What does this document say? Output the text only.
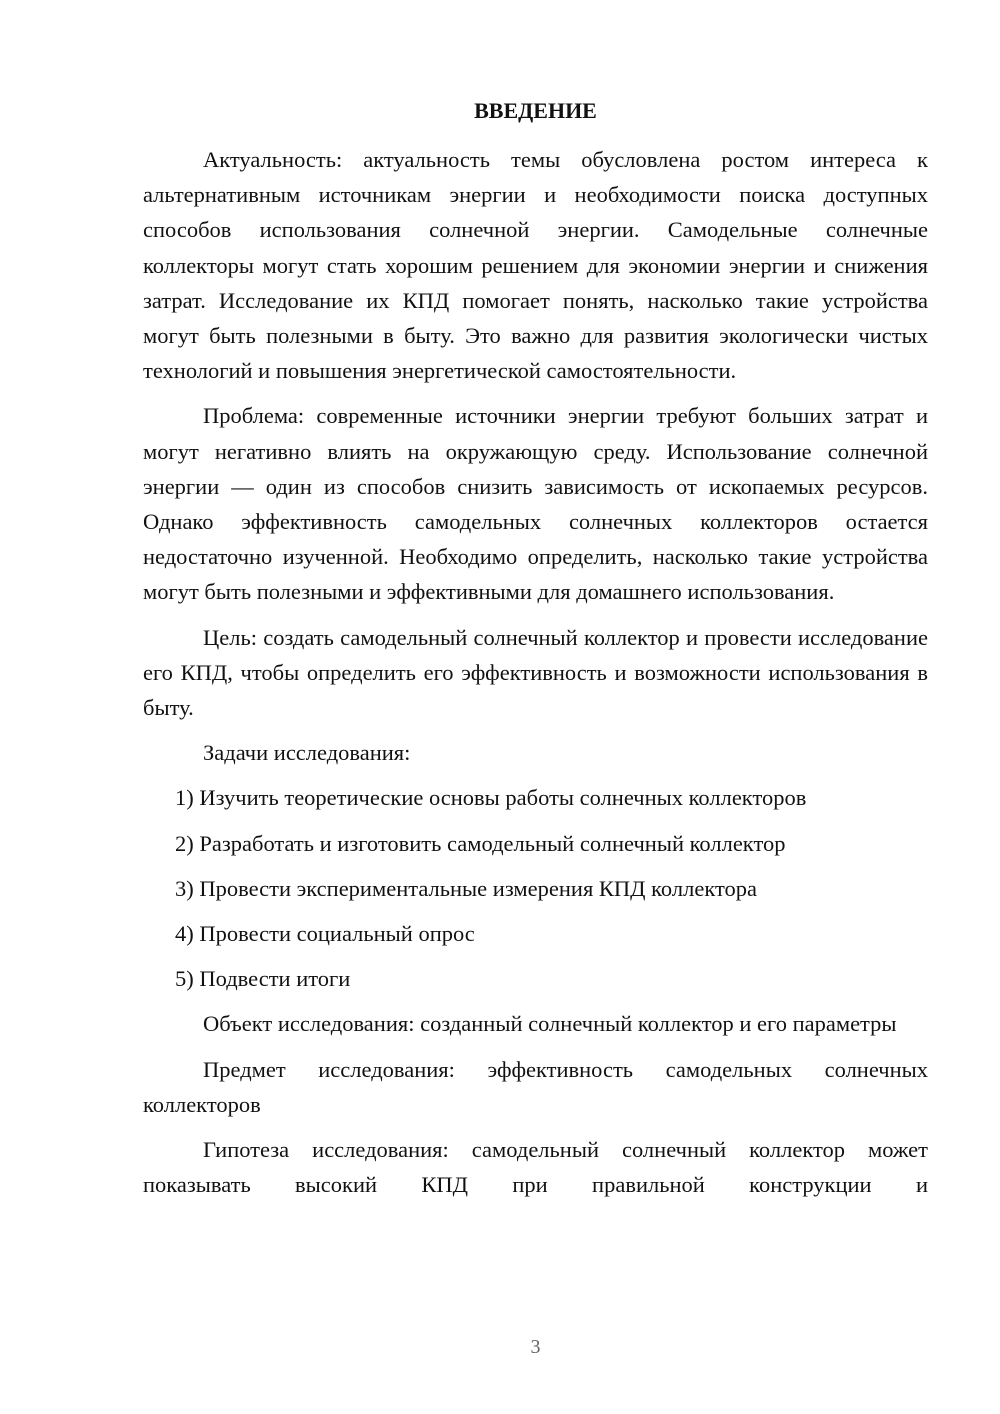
ВВЕДЕНИЕ

Актуальность: актуальность темы обусловлена ростом интереса к альтернативным источникам энергии и необходимости поиска доступных способов использования солнечной энергии. Самодельные солнечные коллекторы могут стать хорошим решением для экономии энергии и снижения затрат. Исследование их КПД помогает понять, насколько такие устройства могут быть полезными в быту. Это важно для развития экологически чистых технологий и повышения энергетической самостоятельности.

Проблема: современные источники энергии требуют больших затрат и могут негативно влиять на окружающую среду. Использование солнечной энергии — один из способов снизить зависимость от ископаемых ресурсов. Однако эффективность самодельных солнечных коллекторов остается недостаточно изученной. Необходимо определить, насколько такие устройства могут быть полезными и эффективными для домашнего использования.

Цель: создать самодельный солнечный коллектор и провести исследование его КПД, чтобы определить его эффективность и возможности использования в быту.

Задачи исследования:

1) Изучить теоретические основы работы солнечных коллекторов

2) Разработать и изготовить самодельный солнечный коллектор

3) Провести экспериментальные измерения КПД коллектора

4) Провести социальный опрос

5) Подвести итоги

Объект исследования: созданный солнечный коллектор и его параметры

Предмет исследования: эффективность самодельных солнечных коллекторов

Гипотеза исследования: самодельный солнечный коллектор может показывать высокий КПД при правильной конструкции и

3
